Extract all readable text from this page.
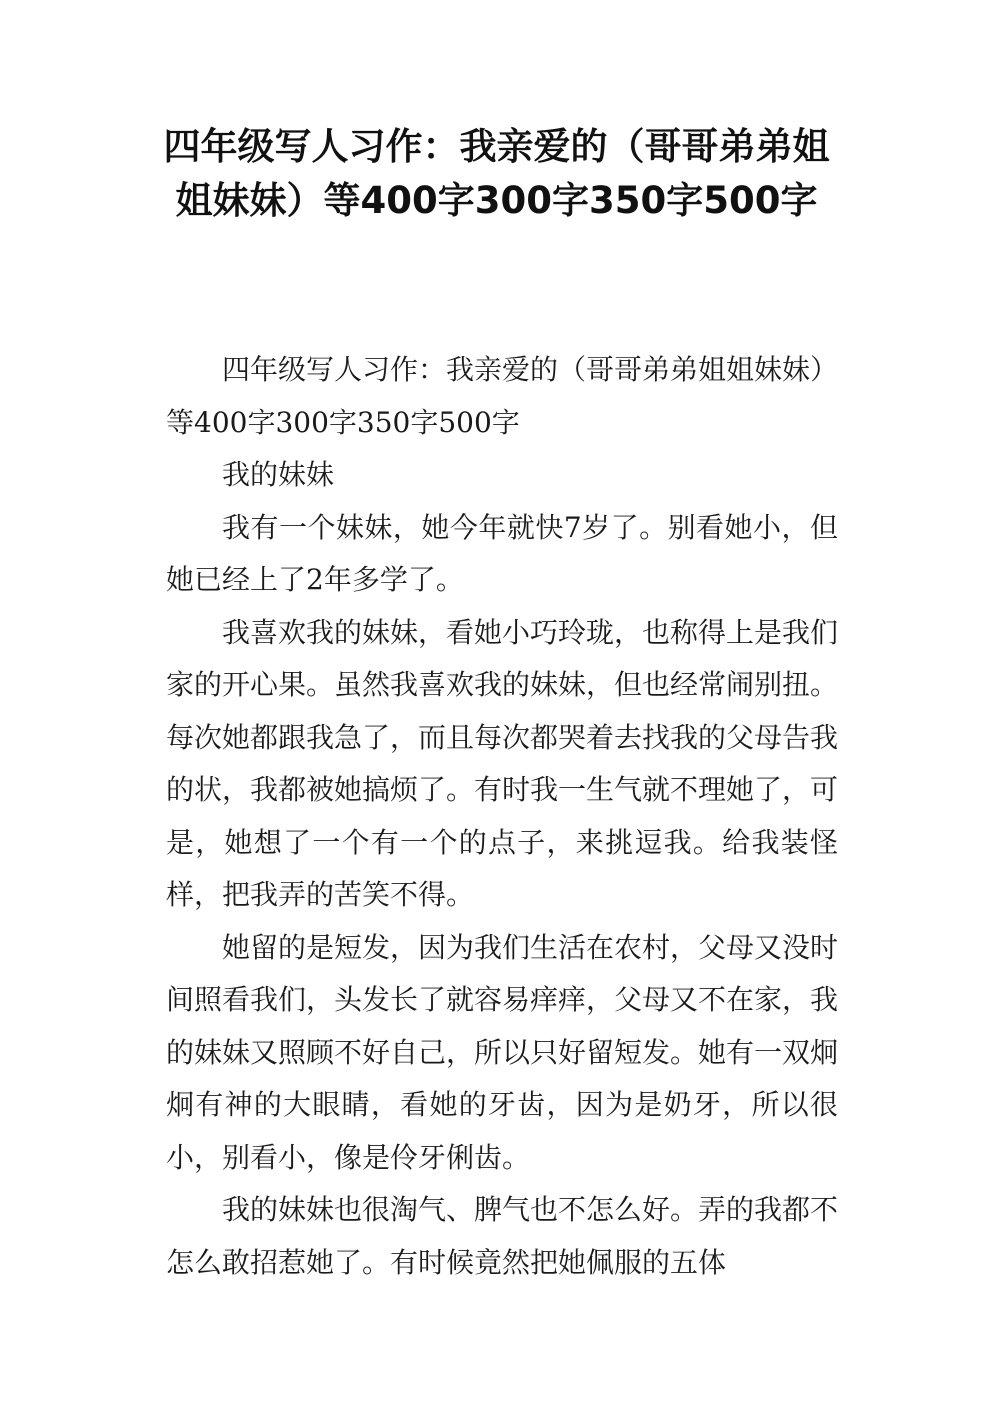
四年级写人习作：我亲爱的（哥哥弟弟姐姐妹妹）等400字300字350字500字

四年级写人习作：我亲爱的（哥哥弟弟姐姐妹妹）等400字300字350字500字

我的妹妹

我有一个妹妹，她今年就快7岁了。别看她小，但她已经上了2年多学了。

我喜欢我的妹妹，看她小巧玲珑，也称得上是我们家的开心果。虽然我喜欢我的妹妹，但也经常闹别扭。每次她都跟我急了，而且每次都哭着去找我的父母告我的状，我都被她搞烦了。有时我一生气就不理她了，可是，她想了一个有一个的点子，来挑逗我。给我装怪样，把我弄的苦笑不得。

她留的是短发，因为我们生活在农村，父母又没时间照看我们，头发长了就容易痒痒，父母又不在家，我的妹妹又照顾不好自己，所以只好留短发。她有一双炯炯有神的大眼睛，看她的牙齿，因为是奶牙，所以很小，别看小，像是伶牙俐齿。

我的妹妹也很淘气、脾气也不怎么好。弄的我都不怎么敢招惹她了。有时候竟然把她佩服的五体
